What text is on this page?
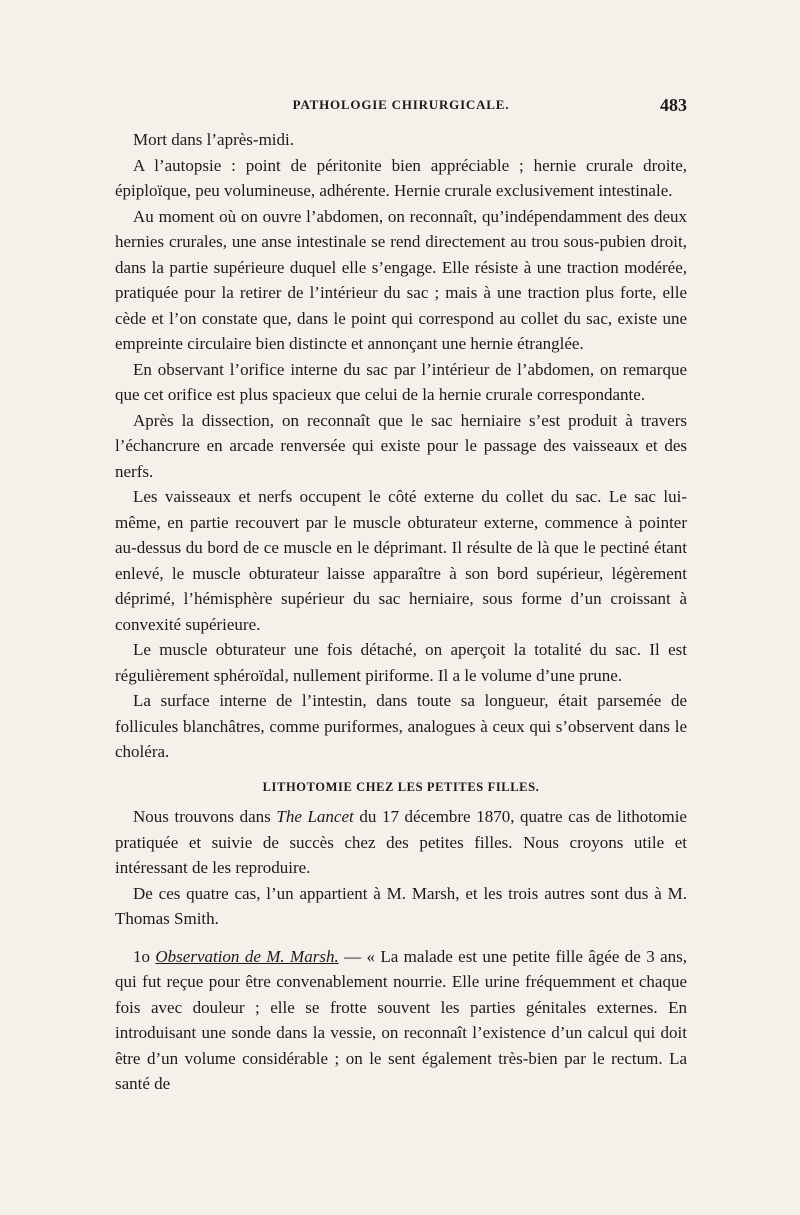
PATHOLOGIE CHIRURGICALE.	483

Mort dans l’après-midi.

A l’autopsie : point de péritonite bien appréciable ; hernie crurale droite, épiploïque, peu volumineuse, adhérente. Hernie crurale exclusivement intestinale.

Au moment où on ouvre l’abdomen, on reconnaît, qu’indépendamment des deux hernies crurales, une anse intestinale se rend directement au trou sous-pubien droit, dans la partie supérieure duquel elle s’engage. Elle résiste à une traction modérée, pratiquée pour la retirer de l’intérieur du sac ; mais à une traction plus forte, elle cède et l’on constate que, dans le point qui correspond au collet du sac, existe une empreinte circulaire bien distincte et annonçant une hernie étranglée.

En observant l’orifice interne du sac par l’intérieur de l’abdomen, on remarque que cet orifice est plus spacieux que celui de la hernie crurale correspondante.

Après la dissection, on reconnaît que le sac herniaire s’est produit à travers l’échancrure en arcade renversée qui existe pour le passage des vaisseaux et des nerfs.

Les vaisseaux et nerfs occupent le côté externe du collet du sac. Le sac lui-même, en partie recouvert par le muscle obturateur externe, commence à pointer au-dessus du bord de ce muscle en le déprimant. Il résulte de là que le pectiné étant enlevé, le muscle obturateur laisse apparaître à son bord supérieur, légèrement déprimé, l’hémisphère supérieur du sac herniaire, sous forme d’un croissant à convexité supérieure.

Le muscle obturateur une fois détaché, on aperçoit la totalité du sac. Il est régulièrement sphéroïdal, nullement piriforme. Il a le volume d’une prune.

La surface interne de l’intestin, dans toute sa longueur, était parsemée de follicules blanchâtres, comme puriformes, analogues à ceux qui s’observent dans le choléra.

LITHOTOMIE CHEZ LES PETITES FILLES.

Nous trouvons dans The Lancet du 17 décembre 1870, quatre cas de lithotomie pratiquée et suivie de succès chez des petites filles. Nous croyons utile et intéressant de les reproduire.

De ces quatre cas, l’un appartient à M. Marsh, et les trois autres sont dus à M. Thomas Smith.

1o Observation de M. Marsh. — « La malade est une petite fille âgée de 3 ans, qui fut reçue pour être convenablement nourrie. Elle urine fréquemment et chaque fois avec douleur ; elle se frotte souvent les parties génitales externes. En introduisant une sonde dans la vessie, on reconnaît l’existence d’un calcul qui doit être d’un volume considérable ; on le sent également très-bien par le rectum. La santé de
